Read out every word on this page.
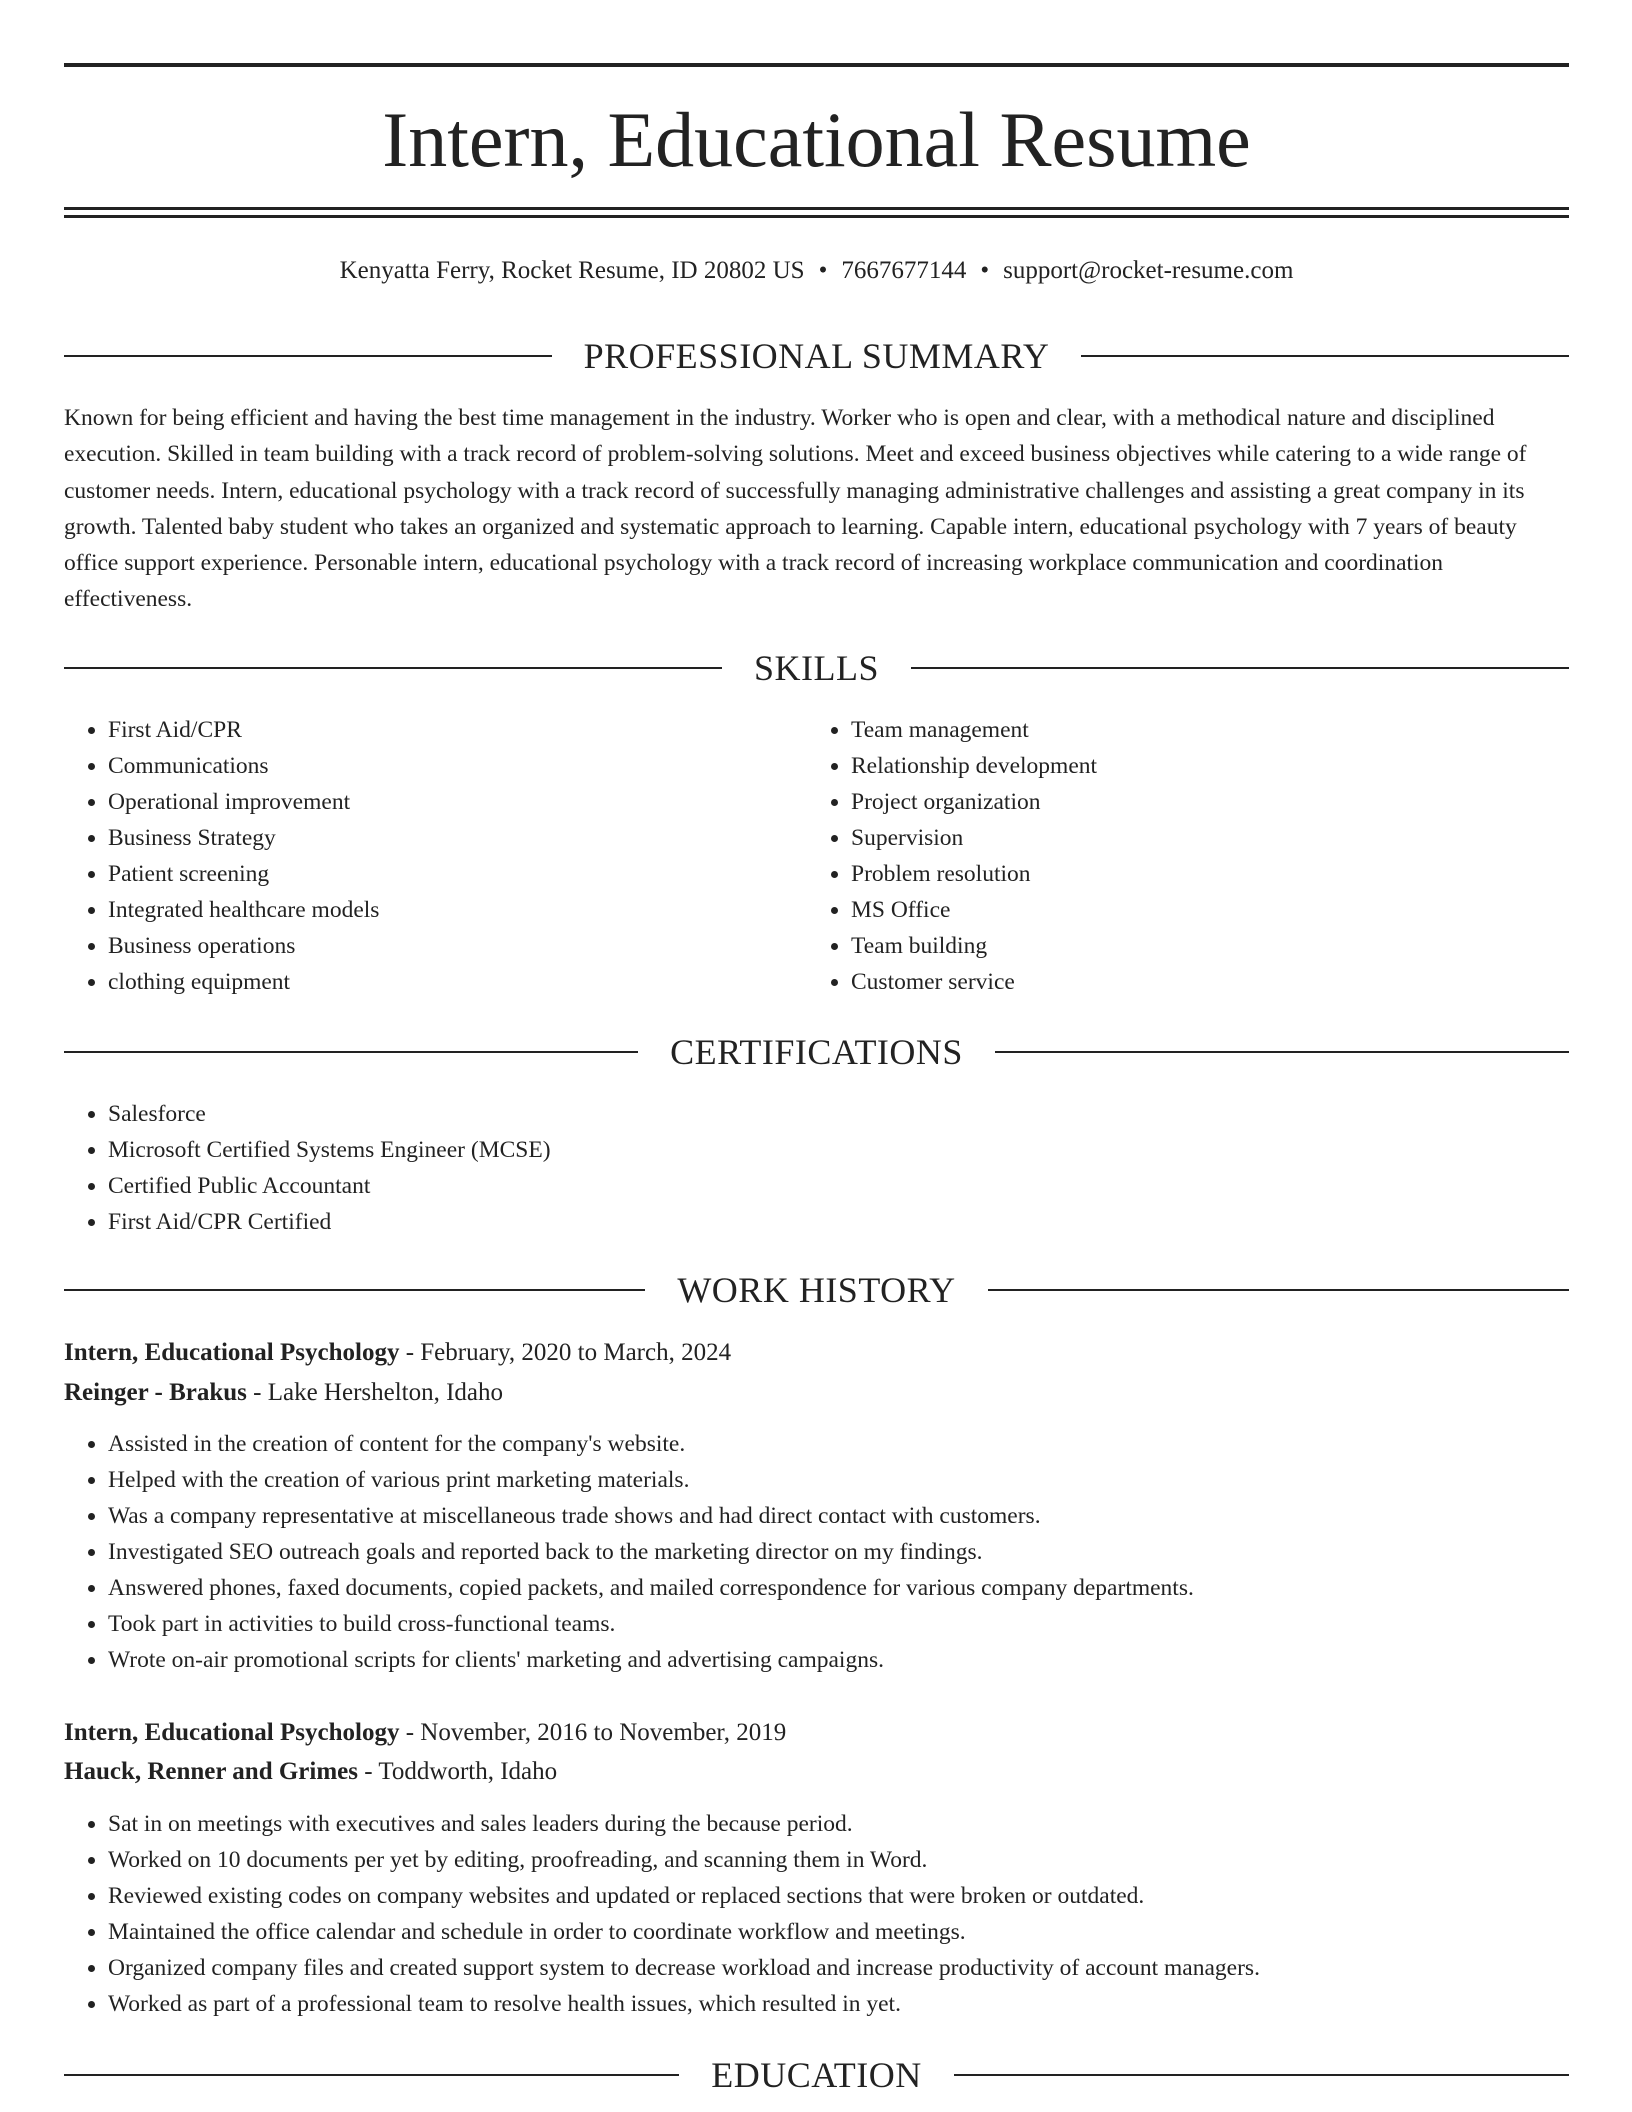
Intern, Educational Resume
Kenyatta Ferry, Rocket Resume, ID 20802 US • 7667677144 • support@rocket-resume.com
PROFESSIONAL SUMMARY

Known for being efficient and having the best time management in the industry. Worker who is open and clear, with a methodical nature and disciplined execution. Skilled in team building with a track record of problem-solving solutions. Meet and exceed business objectives while catering to a wide range of customer needs. Intern, educational psychology with a track record of successfully managing administrative challenges and assisting a great company in its growth. Talented baby student who takes an organized and systematic approach to learning. Capable intern, educational psychology with 7 years of beauty office support experience. Personable intern, educational psychology with a track record of increasing workplace communication and coordination effectiveness.

SKILLS
• First Aid/CPR
• Communications
• Operational improvement
• Business Strategy
• Patient screening
• Integrated healthcare models
• Business operations
• clothing equipment
• Team management
• Relationship development
• Project organization
• Supervision
• Problem resolution
• MS Office
• Team building
• Customer service
CERTIFICATIONS
• Salesforce
• Microsoft Certified Systems Engineer (MCSE)
• Certified Public Accountant
• First Aid/CPR Certified
WORK HISTORY
Intern, Educational Psychology - February, 2020 to March, 2024
Reinger - Brakus - Lake Hershelton, Idaho
• Assisted in the creation of content for the company's website.
• Helped with the creation of various print marketing materials.
• Was a company representative at miscellaneous trade shows and had direct contact with customers.
• Investigated SEO outreach goals and reported back to the marketing director on my findings.
• Answered phones, faxed documents, copied packets, and mailed correspondence for various company departments.
• Took part in activities to build cross-functional teams.
• Wrote on-air promotional scripts for clients' marketing and advertising campaigns.
Intern, Educational Psychology - November, 2016 to November, 2019
Hauck, Renner and Grimes - Toddworth, Idaho
• Sat in on meetings with executives and sales leaders during the because period.
• Worked on 10 documents per yet by editing, proofreading, and scanning them in Word.
• Reviewed existing codes on company websites and updated or replaced sections that were broken or outdated.
• Maintained the office calendar and schedule in order to coordinate workflow and meetings.
• Organized company files and created support system to decrease workload and increase productivity of account managers.
• Worked as part of a professional team to resolve health issues, which resulted in yet.
EDUCATION
